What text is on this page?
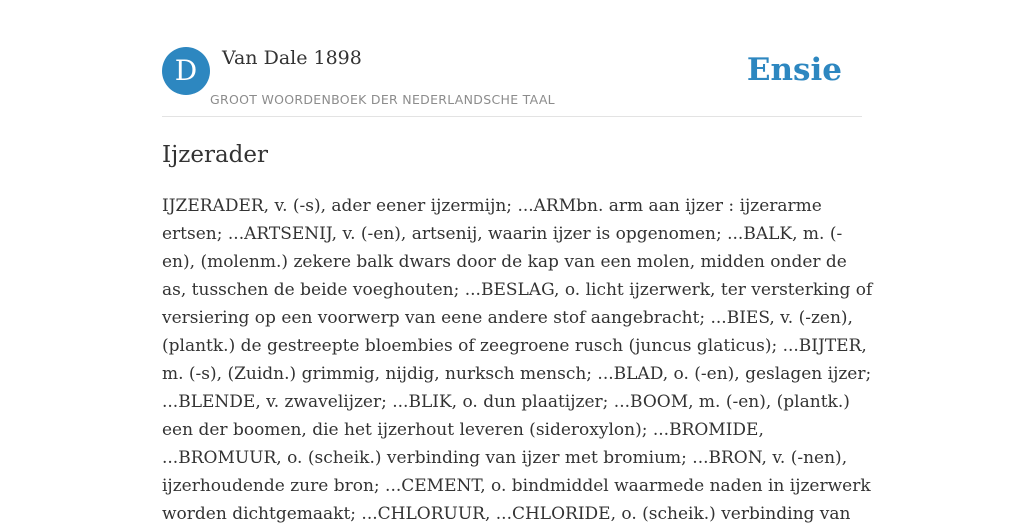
D	Van Dale 1898
GROOT WOORDENBOEK DER NEDERLANDSCHE TAAL
Ensie
Ijzerader

IJZERADER, v. (-s), ader eener ijzermijn; ...ARMbn. arm aan ijzer : ijzerarme
ertsen; ...ARTSENIJ, v. (-en), artsenij, waarin ijzer is opgenomen; ...BALK, m. (-
en), (molenm.) zekere balk dwars door de kap van een molen, midden onder de
as, tusschen de beide voeghouten; ...BESLAG, o. licht ijzerwerk, ter versterking of
versiering op een voorwerp van eene andere stof aangebracht; ...BIES, v. (-zen),
(plantk.) de gestreepte bloembies of zeegroene rusch (juncus glaticus); ...BIJTER,
m. (-s), (Zuidn.) grimmig, nijdig, nurksch mensch; ...BLAD, o. (-en), geslagen ijzer;
...BLENDE, v. zwavelijzer; ...BLIK, o. dun plaatijzer; ...BOOM, m. (-en), (plantk.)
een der boomen, die het ijzerhout leveren (sideroxylon); ...BROMIDE,
...BROMUUR, o. (scheik.) verbinding van ijzer met bromium; ...BRON, v. (-nen),
ijzerhoudende zure bron; ...CEMENT, o. bindmiddel waarmede naden in ijzerwerk
worden dichtgemaakt; ...CHLORUUR, ...CHLORIDE, o. (scheik.) verbinding van
